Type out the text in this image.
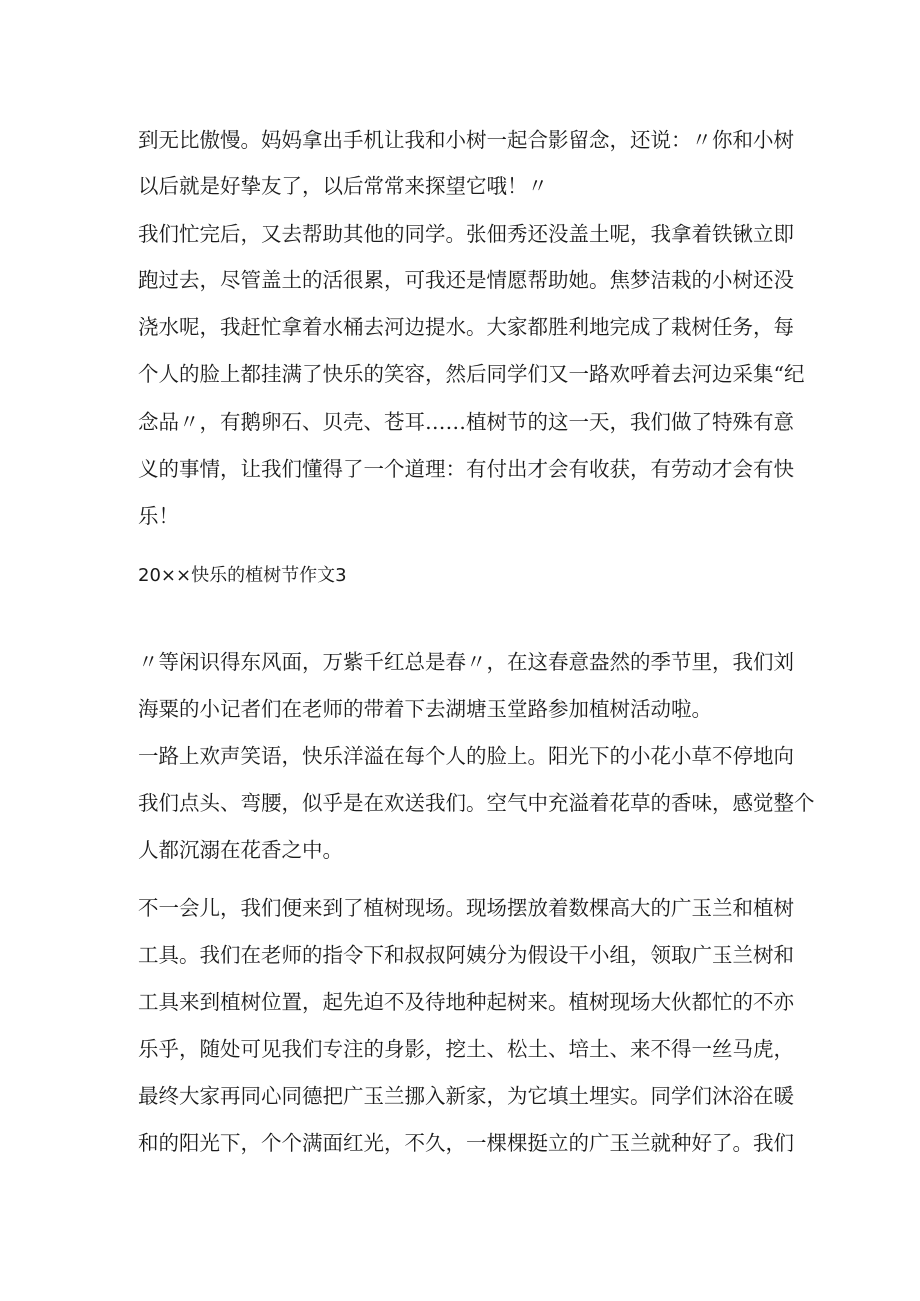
到无比傲慢。妈妈拿出手机让我和小树一起合影留念，还说：〃你和小树
以后就是好挚友了，以后常常来探望它哦！〃
我们忙完后，又去帮助其他的同学。张佃秀还没盖土呢，我拿着铁锹立即
跑过去，尽管盖土的活很累，可我还是情愿帮助她。焦梦洁栽的小树还没
浇水呢，我赶忙拿着水桶去河边提水。大家都胜利地完成了栽树任务，每
个人的脸上都挂满了快乐的笑容，然后同学们又一路欢呼着去河边采集“纪
念品〃，有鹅卵石、贝壳、苍耳……植树节的这一天，我们做了特殊有意
义的事情，让我们懂得了一个道理：有付出才会有收获，有劳动才会有快
乐！
20××快乐的植树节作文3
〃等闲识得东风面，万紫千红总是春〃，在这春意盎然的季节里，我们刘
海粟的小记者们在老师的带着下去湖塘玉堂路参加植树活动啦。
一路上欢声笑语，快乐洋溢在每个人的脸上。阳光下的小花小草不停地向
我们点头、弯腰，似乎是在欢送我们。空气中充溢着花草的香味，感觉整个
人都沉溺在花香之中。
不一会儿，我们便来到了植树现场。现场摆放着数棵高大的广玉兰和植树
工具。我们在老师的指令下和叔叔阿姨分为假设干小组，领取广玉兰树和
工具来到植树位置，起先迫不及待地种起树来。植树现场大伙都忙的不亦
乐乎，随处可见我们专注的身影，挖土、松土、培土、来不得一丝马虎，
最终大家再同心同德把广玉兰挪入新家，为它填土埋实。同学们沐浴在暖
和的阳光下，个个满面红光，不久，一棵棵挺立的广玉兰就种好了。我们
